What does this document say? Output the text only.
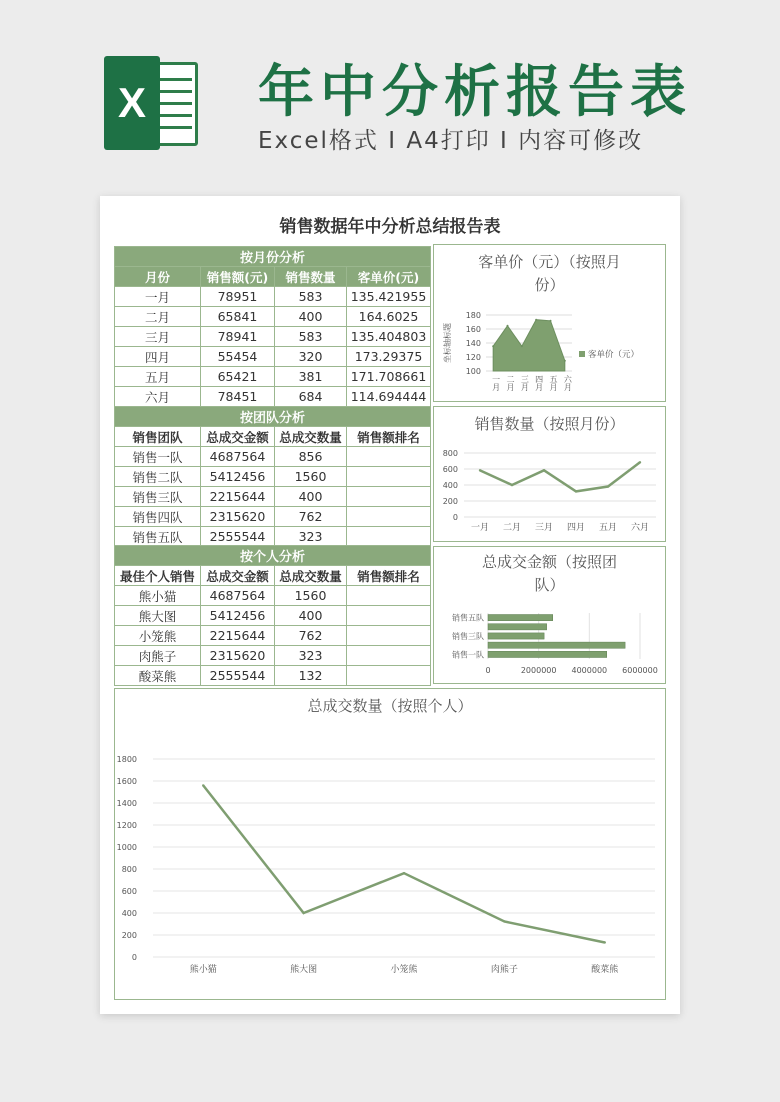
X 年中分析报告表
Excel格式 I A4打印 I 内容可修改
销售数据年中分析总结报告表
按月份分析			
月份	销售额(元)	销售数量	客单价(元)
一月	78951	583	135.421955
二月	65841	400	164.6025
三月	78941	583	135.404803
四月	55454	320	173.29375
五月	65421	381	171.708661
六月	78451	684	114.694444
按团队分析			
销售团队	总成交金额	总成交数量	销售额排名
销售一队	4687564	856	
销售二队	5412456	1560	
销售三队	2215644	400	
销售四队	2315620	762	
销售五队	2555544	323	
按个人分析			
最佳个人销售	总成交金额	总成交数量	销售额排名
熊小猫	4687564	1560	
熊大图	5412456	400	
小笼熊	2215644	762	
肉熊子	2315620	323	
酸菜熊	2555544	132	
客单价（元）（按照月
份）
180
160
140
120
100
一月 二月 三月 四月 五月 六月
坐标轴标题	客单价（元）
销售数量（按照月份）
800
600
400
200
0
一月 二月 三月 四月 五月 六月
总成交金额（按照团
队）
0	2000000 4000000 6000000
销售五队
销售三队
销售一队
总成交数量（按照个人）
1800
1600
1400
1200
1000
800
600
400
200
0
熊小猫	熊大图	小笼熊	肉熊子	酸菜熊
